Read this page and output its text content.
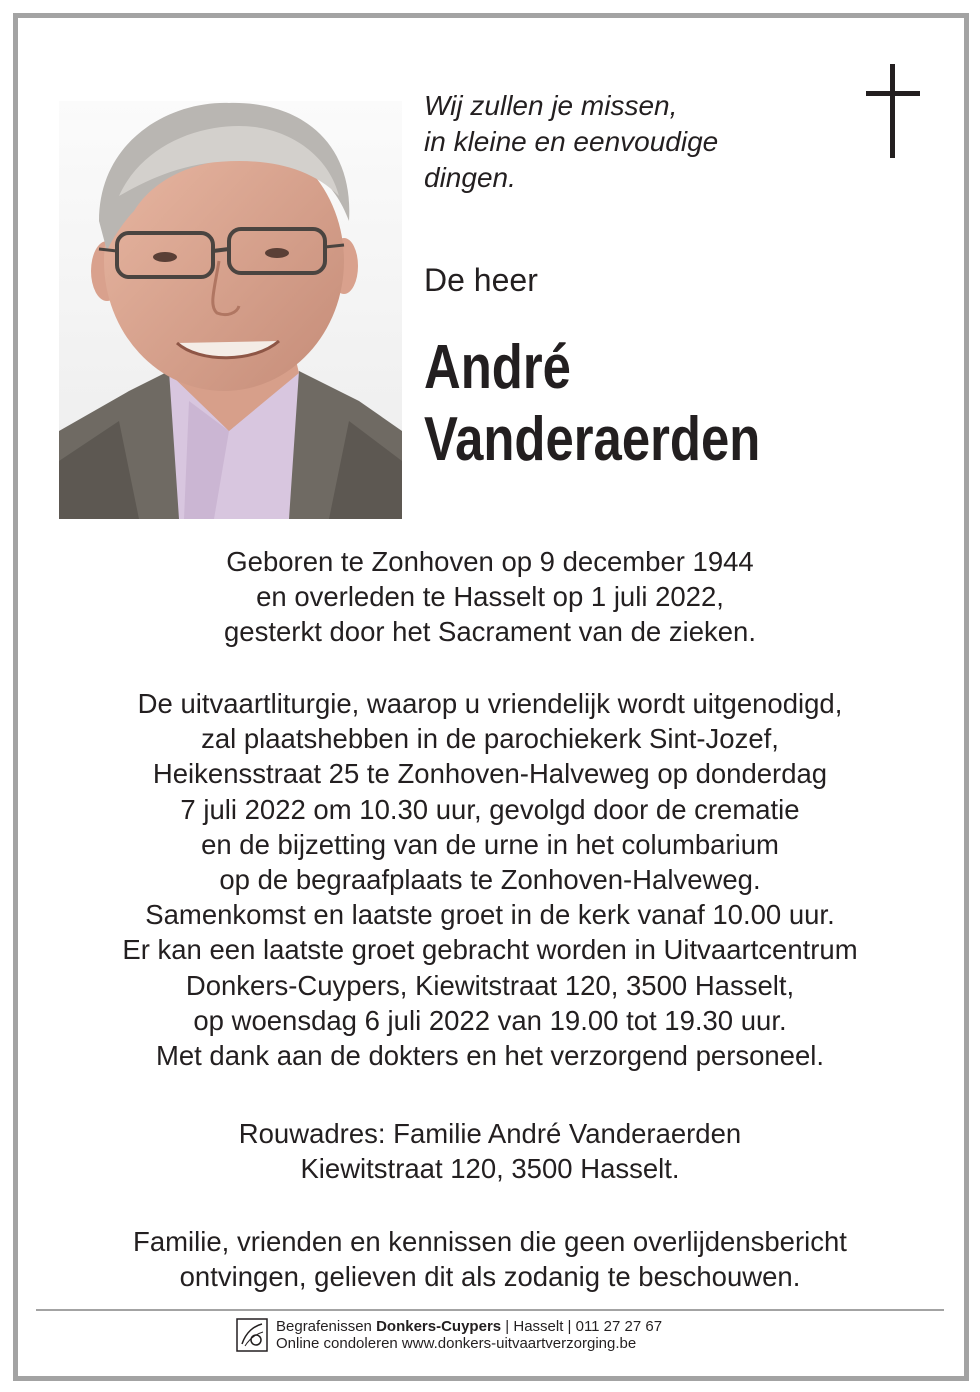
Wij zullen je missen,
in kleine en eenvoudige
dingen.
De heer
André
Vanderaerden
Geboren te Zonhoven op 9 december 1944
en overleden te Hasselt op 1 juli 2022,
gesterkt door het Sacrament van de zieken.
De uitvaartliturgie, waarop u vriendelijk wordt uitgenodigd,
zal plaatshebben in de parochiekerk Sint-Jozef,
Heikensstraat 25 te Zonhoven-Halveweg op donderdag
7 juli 2022 om 10.30 uur, gevolgd door de crematie
en de bijzetting van de urne in het columbarium
op de begraafplaats te Zonhoven-Halveweg.
Samenkomst en laatste groet in de kerk vanaf 10.00 uur.
Er kan een laatste groet gebracht worden in Uitvaartcentrum
Donkers-Cuypers, Kiewitstraat 120, 3500 Hasselt,
op woensdag 6 juli 2022 van 19.00 tot 19.30 uur.
Met dank aan de dokters en het verzorgend personeel.
Rouwadres: Familie André Vanderaerden
Kiewitstraat 120, 3500 Hasselt.
Familie, vrienden en kennissen die geen overlijdensbericht
ontvingen, gelieven dit als zodanig te beschouwen.
Begrafenissen Donkers-Cuypers | Hasselt | 011 27 27 67
Online condoleren www.donkers-uitvaartverzorging.be
